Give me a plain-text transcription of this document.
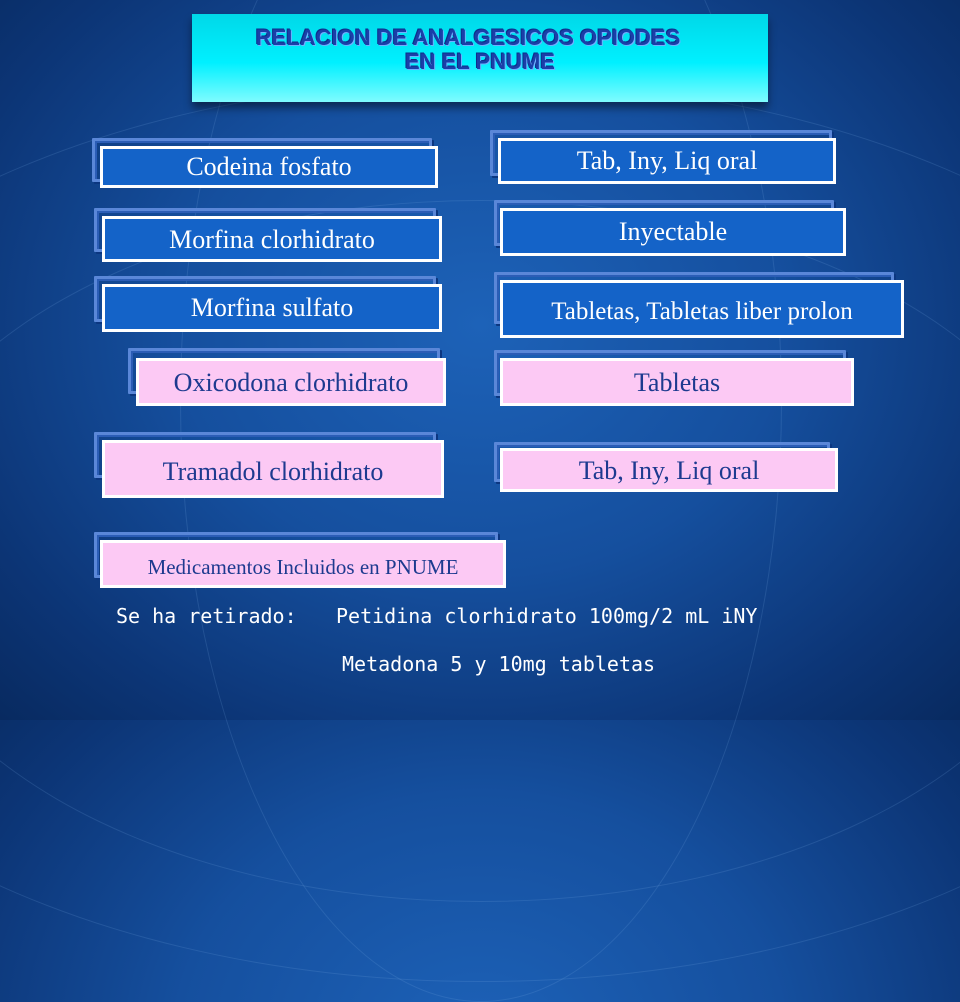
RELACION DE ANALGESICOS OPIODES
EN EL PNUME
Codeina fosfato	Tab, Iny, Liq oral
Morfina clorhidrato	Inyectable
Morfina sulfato	Tabletas, Tabletas liber prolon
Oxicodona clorhidrato	Tabletas
Tramadol clorhidrato	Tab, Iny, Liq oral
Medicamentos Incluidos en PNUME
Se ha retirado: Petidina clorhidrato 100mg/2 mL iNY
Metadona 5 y 10mg tabletas
